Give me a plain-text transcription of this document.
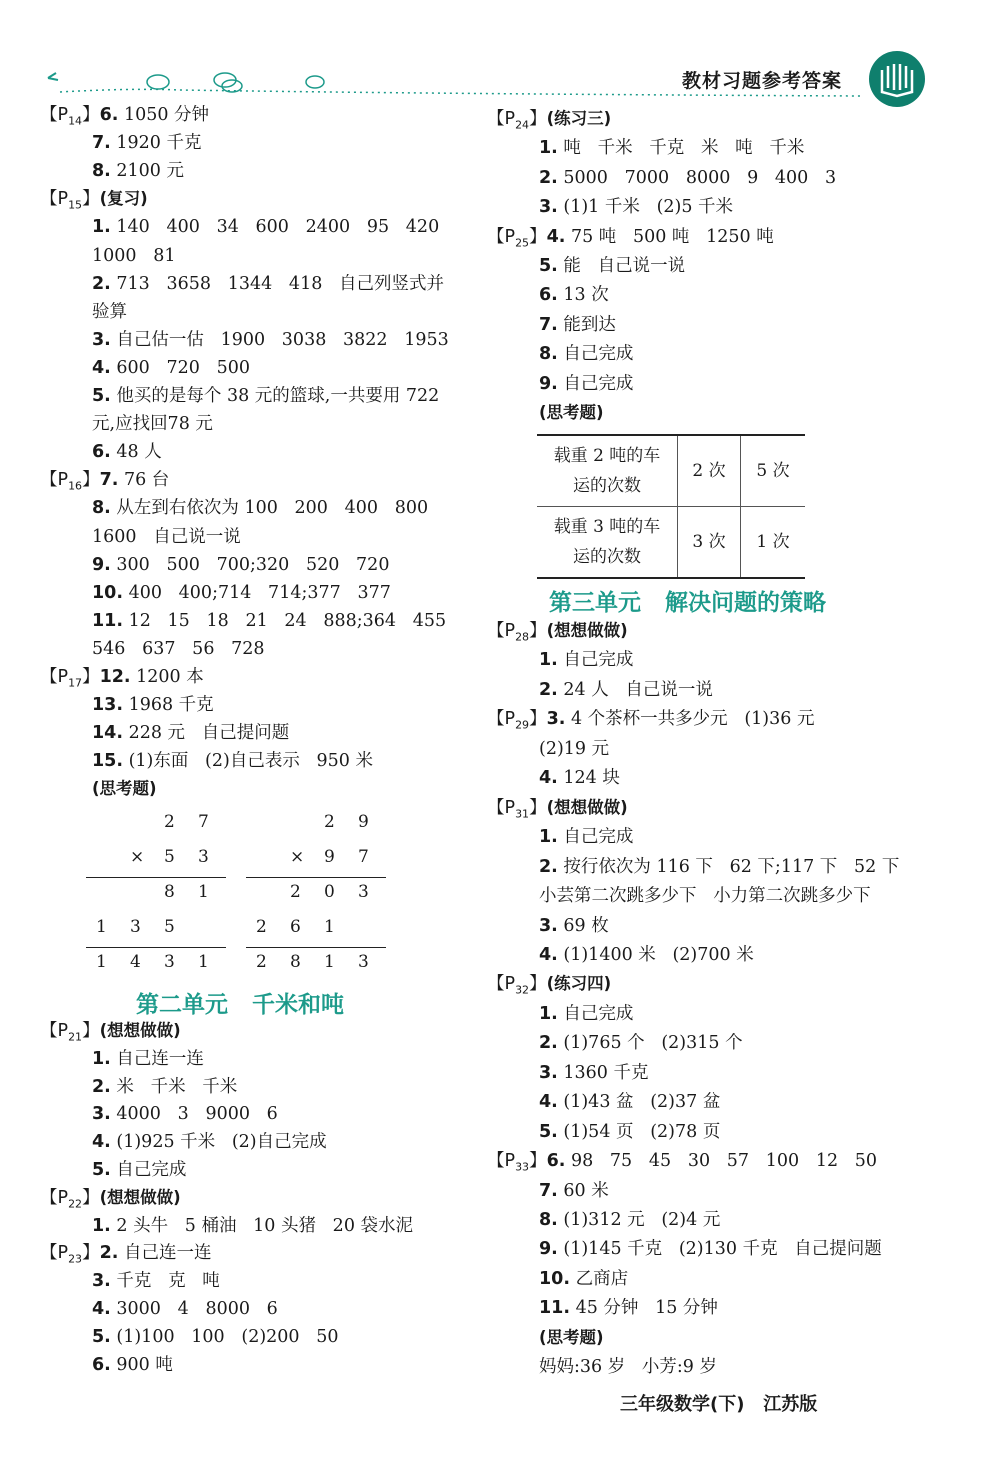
教材习题参考答案
【$P_{14}$】6. 1050 分钟
7. 1920 千克
8. 2100 元
【$P_{15}$】(复习)
1. 140   400   34   600   2400   95   420
1000   81
2. 713   3658   1344   418   自己列竖式并
验算
3. 自己估一估   1900   3038   3822   1953
4. 600   720   500
5. 他买的是每个 38 元的篮球,一共要用 722
元,应找回78 元
6. 48 人
【$P_{16}$】7. 76 台
8. 从左到右依次为 100   200   400   800
1600   自己说一说
9. 300   500   700;320   520   720
10. 400   400;714   714;377   377
11. 12   15   18   21   24   888;364   455
546   637   56   728
【$P_{17}$】12. 1200 本
13. 1968 千克
14. 228 元   自己提问题
15. (1)东面   (2)自己表示   950 米
(思考题)
2 7
× 5 3
8 1
1 3 5
1 4 3 1
2 9
× 9 7
2 0 3
2 6 1
2 8 1 3
第二单元   千米和吨
【$P_{21}$】(想想做做)
1. 自己连一连
2. 米   千米   千米
3. 4000   3   9000   6
4. (1)925 千米   (2)自己完成
5. 自己完成
【$P_{22}$】(想想做做)
1. 2 头牛   5 桶油   10 头猪   20 袋水泥
【$P_{23}$】2. 自己连一连
3. 千克   克   吨
4. 3000   4   8000   6
5. (1)100   100   (2)200   50
6. 900 吨
【$P_{24}$】(练习三)
1. 吨   千米   千克   米   吨   千米
2. 5000   7000   8000   9   400   3
3. (1)1 千米   (2)5 千米
【$P_{25}$】4. 75 吨   500 吨   1250 吨
5. 能   自己说一说
6. 13 次
7. 能到达
8. 自己完成
9. 自己完成
(思考题)
载重 2 吨的车
运的次数	2 次	5 次

载重 3 吨的车
运的次数	3 次	1 次
第三单元   解决问题的策略
【$P_{28}$】(想想做做)
1. 自己完成
2. 24 人   自己说一说
【$P_{29}$】3. 4 个茶杯一共多少元   (1)36 元
(2)19 元
4. 124 块
【$P_{31}$】(想想做做)
1. 自己完成
2. 按行依次为 116 下   62 下;117 下   52 下
小芸第二次跳多少下   小力第二次跳多少下
3. 69 枚
4. (1)1400 米   (2)700 米
【$P_{32}$】(练习四)
1. 自己完成
2. (1)765 个   (2)315 个
3. 1360 千克
4. (1)43 盆   (2)37 盆
5. (1)54 页   (2)78 页
【$P_{33}$】6. 98   75   45   30   57   100   12   50
7. 60 米
8. (1)312 元   (2)4 元
9. (1)145 千克   (2)130 千克   自己提问题
10. 乙商店
11. 45 分钟   15 分钟
(思考题)
妈妈:36 岁   小芳:9 岁
三年级数学(下)   江苏版
